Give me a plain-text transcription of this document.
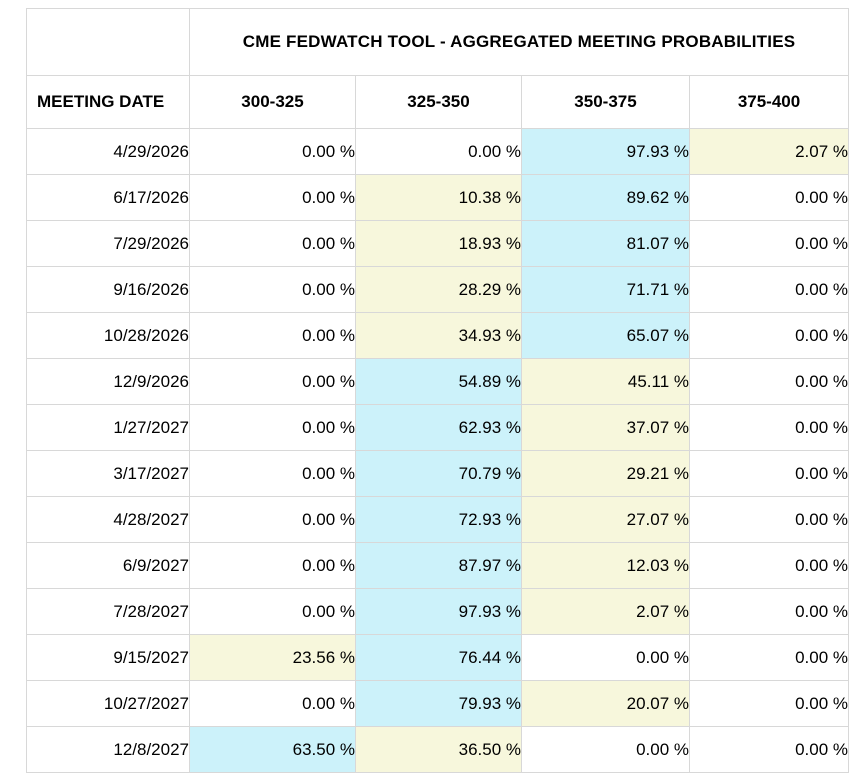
	CME FEDWATCH TOOL - AGGREGATED MEETING PROBABILITIES			
MEETING DATE	300-325	325-350	350-375	375-400
4/29/2026	0.00 %	0.00 %	97.93 %	2.07 %
6/17/2026	0.00 %	10.38 %	89.62 %	0.00 %
7/29/2026	0.00 %	18.93 %	81.07 %	0.00 %
9/16/2026	0.00 %	28.29 %	71.71 %	0.00 %
10/28/2026	0.00 %	34.93 %	65.07 %	0.00 %
12/9/2026	0.00 %	54.89 %	45.11 %	0.00 %
1/27/2027	0.00 %	62.93 %	37.07 %	0.00 %
3/17/2027	0.00 %	70.79 %	29.21 %	0.00 %
4/28/2027	0.00 %	72.93 %	27.07 %	0.00 %
6/9/2027	0.00 %	87.97 %	12.03 %	0.00 %
7/28/2027	0.00 %	97.93 %	2.07 %	0.00 %
9/15/2027	23.56 %	76.44 %	0.00 %	0.00 %
10/27/2027	0.00 %	79.93 %	20.07 %	0.00 %
12/8/2027	63.50 %	36.50 %	0.00 %	0.00 %
